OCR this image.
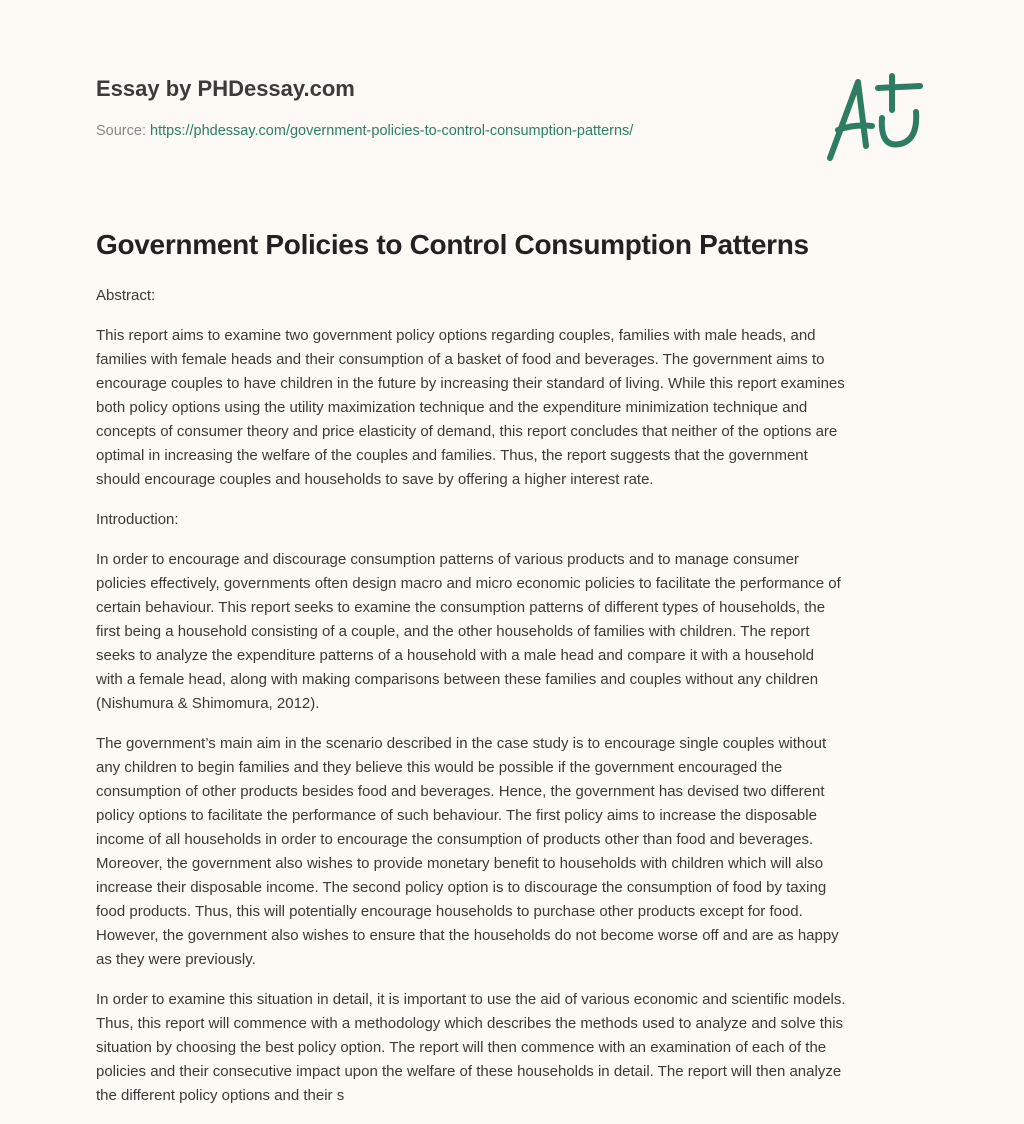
Essay by PHDessay.com
Source: https://phdessay.com/government-policies-to-control-consumption-patterns/
Government Policies to Control Consumption Patterns

Abstract:

This report aims to examine two government policy options regarding couples, families with male heads, and
families with female heads and their consumption of a basket of food and beverages. The government aims to
encourage couples to have children in the future by increasing their standard of living. While this report examines
both policy options using the utility maximization technique and the expenditure minimization technique and
concepts of consumer theory and price elasticity of demand, this report concludes that neither of the options are
optimal in increasing the welfare of the couples and families. Thus, the report suggests that the government
should encourage couples and households to save by offering a higher interest rate.

Introduction:

In order to encourage and discourage consumption patterns of various products and to manage consumer
policies effectively, governments often design macro and micro economic policies to facilitate the performance of
certain behaviour. This report seeks to examine the consumption patterns of different types of households, the
first being a household consisting of a couple, and the other households of families with children. The report
seeks to analyze the expenditure patterns of a household with a male head and compare it with a household
with a female head, along with making comparisons between these families and couples without any children
(Nishumura & Shimomura, 2012).

The government’s main aim in the scenario described in the case study is to encourage single couples without
any children to begin families and they believe this would be possible if the government encouraged the
consumption of other products besides food and beverages. Hence, the government has devised two different
policy options to facilitate the performance of such behaviour. The first policy aims to increase the disposable
income of all households in order to encourage the consumption of products other than food and beverages.
Moreover, the government also wishes to provide monetary benefit to households with children which will also
increase their disposable income. The second policy option is to discourage the consumption of food by taxing
food products. Thus, this will potentially encourage households to purchase other products except for food.
However, the government also wishes to ensure that the households do not become worse off and are as happy
as they were previously.

In order to examine this situation in detail, it is important to use the aid of various economic and scientific models.
Thus, this report will commence with a methodology which describes the methods used to analyze and solve this
situation by choosing the best policy option. The report will then commence with an examination of each of the
policies and their consecutive impact upon the welfare of these households in detail. The report will then analyze
the different policy options and their s
